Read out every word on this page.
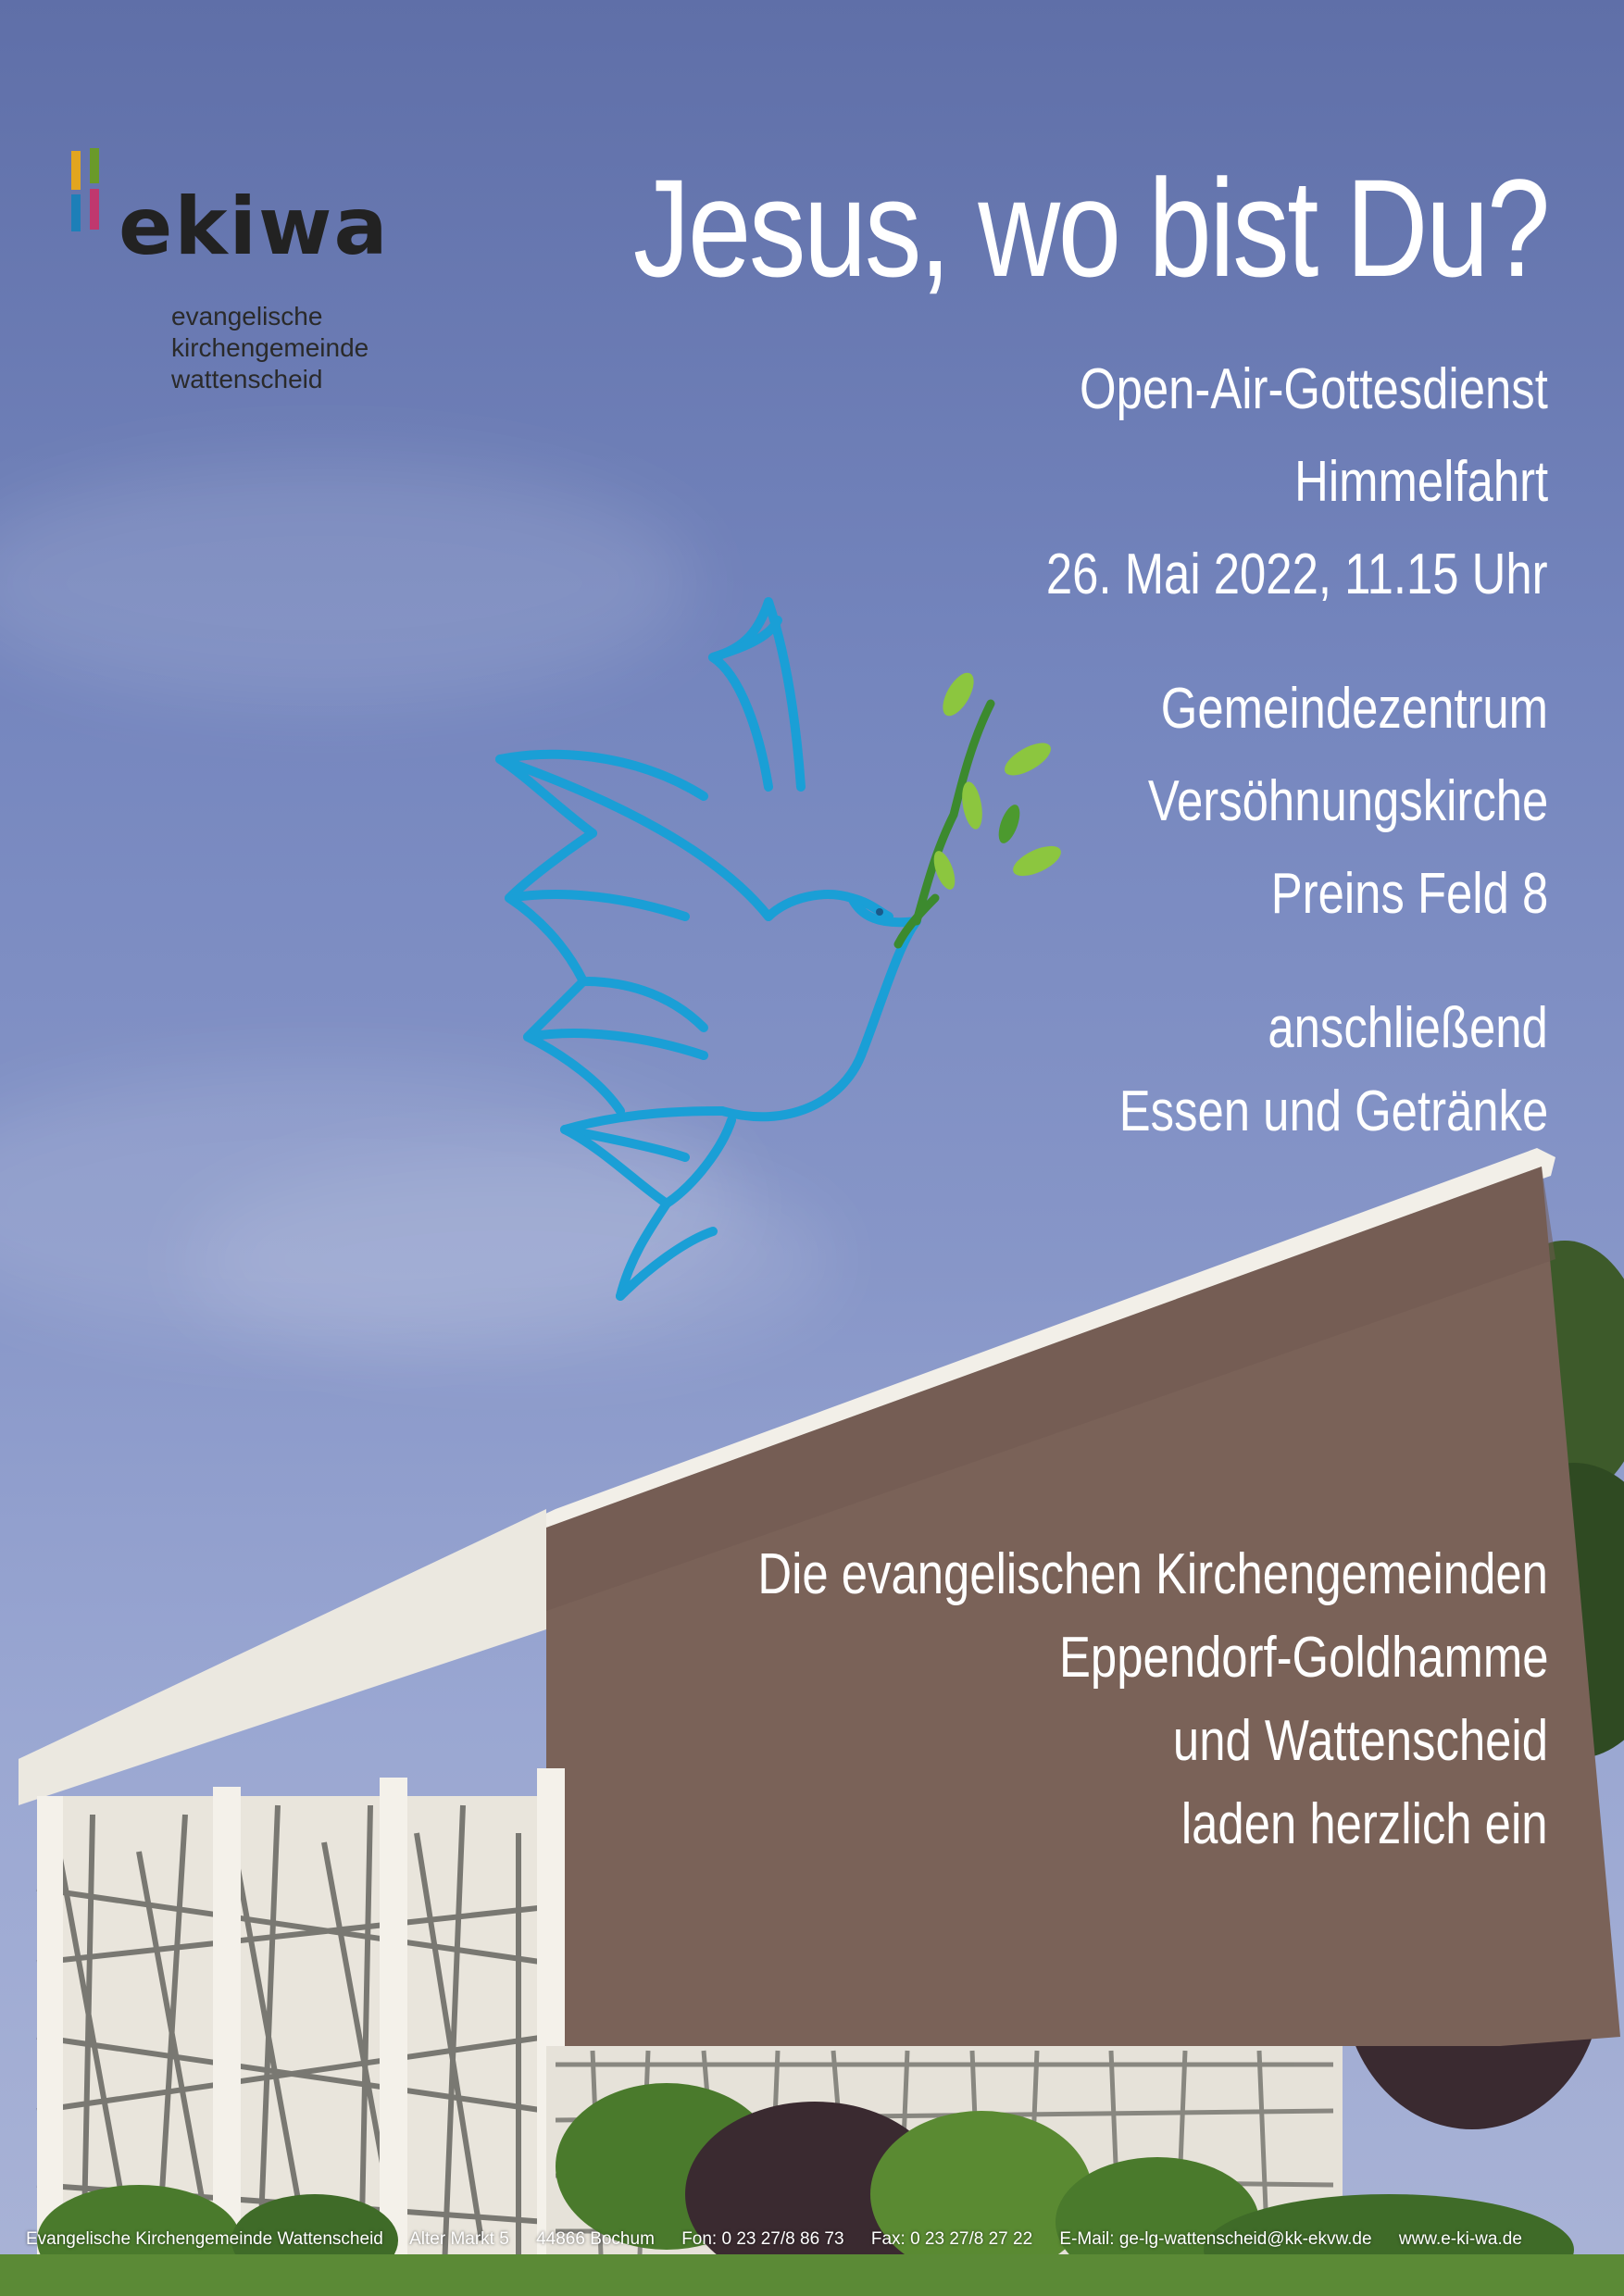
ekiwa
evangelische
kirchengemeinde
wattenscheid
Jesus, wo bist Du?
Open-Air-Gottesdienst
Himmelfahrt
26. Mai 2022, 11.15 Uhr
Gemeindezentrum
Versöhnungskirche
Preins Feld 8
anschließend
Essen und Getränke
Die evangelischen Kirchengemeinden
Eppendorf-Goldhamme
und Wattenscheid
laden herzlich ein
Evangelische Kirchengemeinde Wattenscheid Alter Markt 5 44866 Bochum Fon: 0 23 27/8 86 73 Fax: 0 23 27/8 27 22 E-Mail: ge-lg-wattenscheid@kk-ekvw.de www.e-ki-wa.de
